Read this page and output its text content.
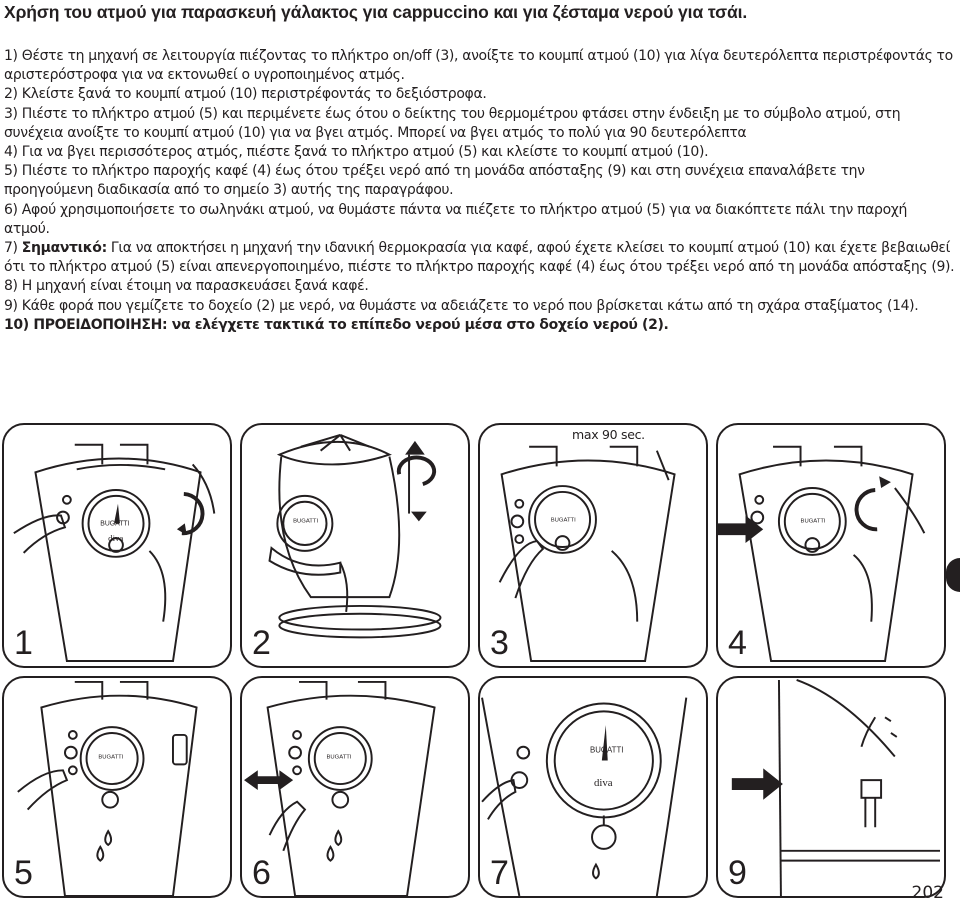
Χρήση του ατμού για παρασκευή γάλακτος για cappuccino και για ζέσταμα νερού για τσάι.

1) Θέστε τη μηχανή σε λειτουργία πιέζοντας το πλήκτρο on/off (3), ανοίξτε το κουμπί ατμού (10) για λίγα δευτερόλεπτα περιστρέφοντάς το αριστερόστροφα για να εκτονωθεί ο υγροποιημένος ατμός.

2) Κλείστε ξανά το κουμπί ατμού (10) περιστρέφοντάς το δεξιόστροφα.

3) Πιέστε το πλήκτρο ατμού (5) και περιμένετε έως ότου ο δείκτης του θερμομέτρου φτάσει στην ένδειξη με το σύμβολο ατμού, στη συνέχεια ανοίξτε το κουμπί ατμού (10) για να βγει ατμός. Μπορεί να βγει ατμός το πολύ για 90 δευτερόλεπτα

4) Για να βγει περισσότερος ατμός, πιέστε ξανά το πλήκτρο ατμού (5) και κλείστε το κουμπί ατμού (10).

5) Πιέστε το πλήκτρο παροχής καφέ (4) έως ότου τρέξει νερό από τη μονάδα απόσταξης (9) και στη συνέχεια επαναλάβετε την προηγούμενη διαδικασία από το σημείο 3) αυτής της παραγράφου.

6) Αφού χρησιμοποιήσετε το σωληνάκι ατμού, να θυμάστε πάντα να πιέζετε το πλήκτρο ατμού (5) για να διακόπτετε πάλι την παροχή ατμού.

7) Σημαντικό: Για να αποκτήσει η μηχανή την ιδανική θερμοκρασία για καφέ, αφού έχετε κλείσει το κουμπί ατμού (10) και έχετε βεβαιωθεί ότι το πλήκτρο ατμού (5) είναι απενεργοποιημένο, πιέστε το πλήκτρο παροχής καφέ (4) έως ότου τρέξει νερό από τη μονάδα απόσταξης (9).

8) Η μηχανή είναι έτοιμη να παρασκευάσει ξανά καφέ.

9) Κάθε φορά που γεμίζετε το δοχείο (2) με νερό, να θυμάστε να αδειάζετε το νερό που βρίσκεται κάτω από τη σχάρα σταξίματος (14).

10) ΠΡΟΕΙΔΟΠΟΙΗΣΗ: να ελέγχετε τακτικά το επίπεδο νερού μέσα στο δοχείο νερού (2).

BUGATTI
diva
1
BUGATTI
2
max 90 sec.
BUGATTI
3
BUGATTI
4
BUGATTI
5
BUGATTI
6
BUGATTI
diva
7	9
202
